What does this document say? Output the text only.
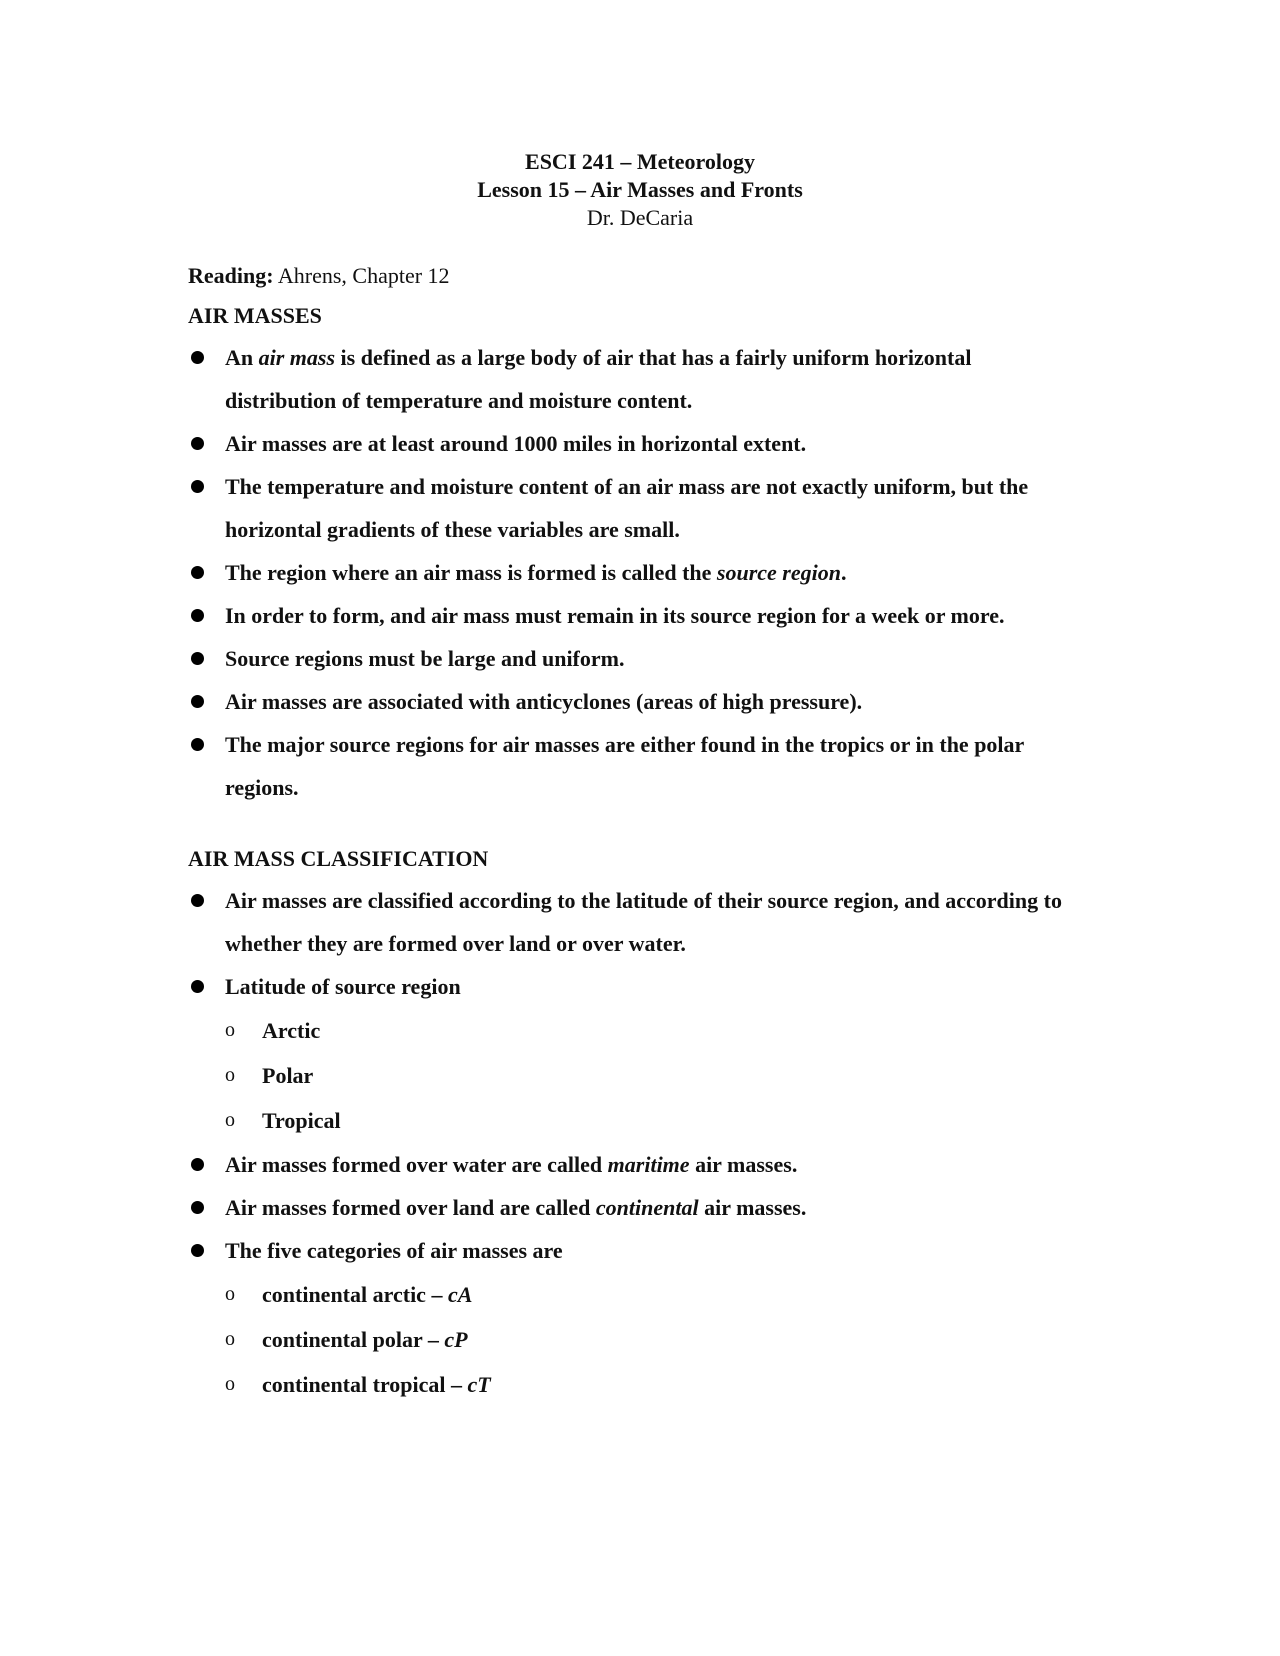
ESCI 241 – Meteorology
Lesson 15 – Air Masses and Fronts
Dr. DeCaria
Reading: Ahrens, Chapter 12
AIR MASSES
An air mass is defined as a large body of air that has a fairly uniform horizontal distribution of temperature and moisture content.
Air masses are at least around 1000 miles in horizontal extent.
The temperature and moisture content of an air mass are not exactly uniform, but the horizontal gradients of these variables are small.
The region where an air mass is formed is called the source region.
In order to form, and air mass must remain in its source region for a week or more.
Source regions must be large and uniform.
Air masses are associated with anticyclones (areas of high pressure).
The major source regions for air masses are either found in the tropics or in the polar regions.
AIR MASS CLASSIFICATION
Air masses are classified according to the latitude of their source region, and according to whether they are formed over land or over water.
Latitude of source region
o Arctic
o Polar
o Tropical
Air masses formed over water are called maritime air masses.
Air masses formed over land are called continental air masses.
The five categories of air masses are
o continental arctic – cA
o continental polar – cP
o continental tropical – cT
